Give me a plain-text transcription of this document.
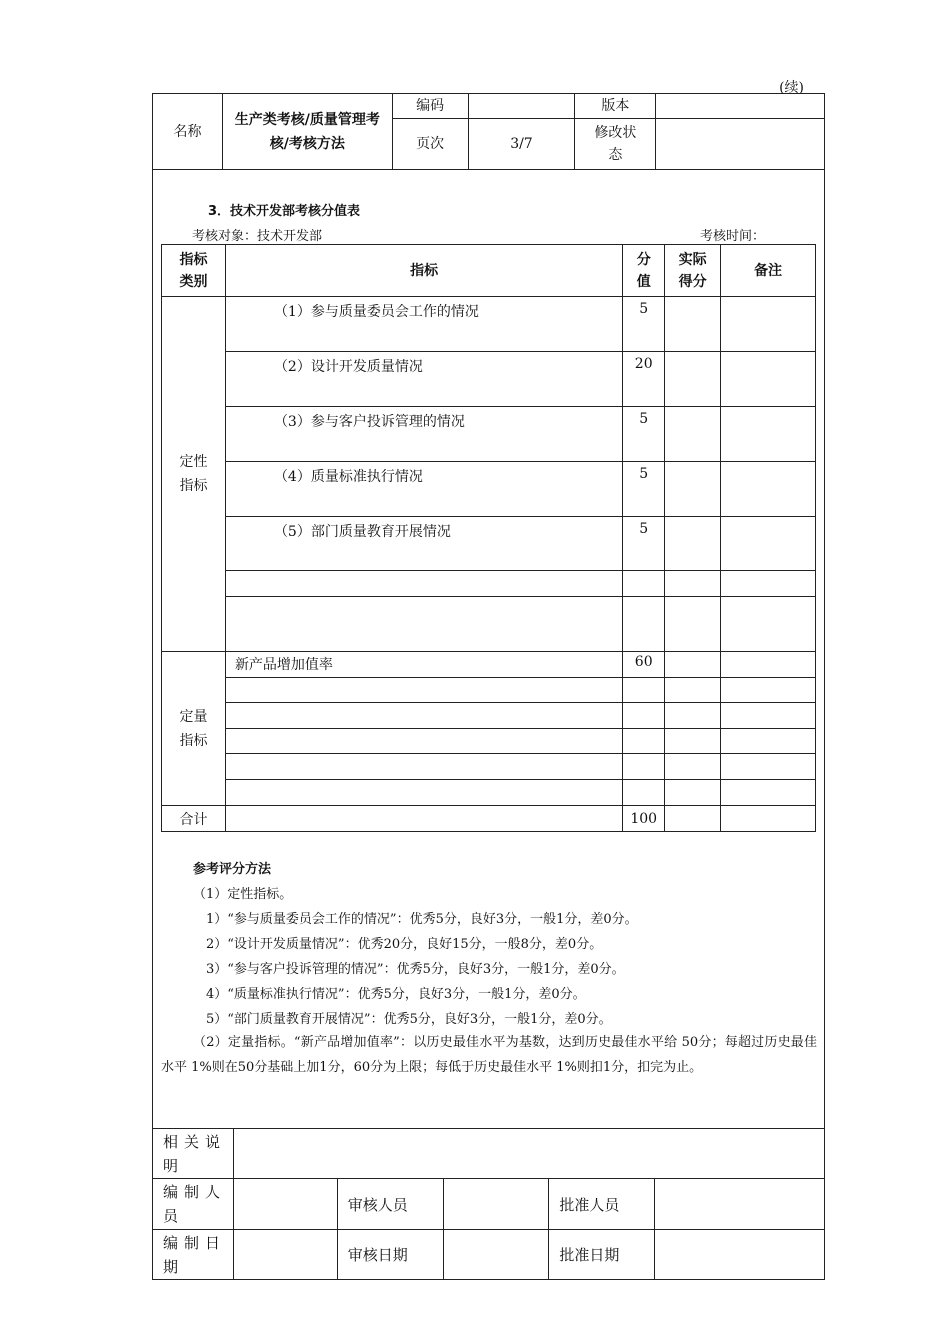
(续)
名称	生产类考核/质量管理考核/考核方法	编码		版本	
		页次	3/7	修改状态	
3．技术开发部考核分值表
考核对象：技术开发部	考核时间：
指标类别	指标	分值	实际得分	备注
定性指标	（1）参与质量委员会工作的情况	5		
	（2）设计开发质量情况	20		
	（3）参与客户投诉管理的情况	5		
	（4）质量标准执行情况	5		
	（5）部门质量教育开展情况	5		

定量指标	新产品增加值率	60		

合计		100		
参考评分方法
（1）定性指标。
1）“参与质量委员会工作的情况”：优秀5分，良好3分，一般1分，差0分。
2）“设计开发质量情况”：优秀20分，良好15分，一般8分，差0分。
3）“参与客户投诉管理的情况”：优秀5分，良好3分，一般1分，差0分。
4）“质量标准执行情况”：优秀5分，良好3分，一般1分，差0分。
5）“部门质量教育开展情况”：优秀5分，良好3分，一般1分，差0分。
（2）定量指标。“新产品增加值率”：以历史最佳水平为基数，达到历史最佳水平给 50分；每超过历史最佳水平 1%则在50分基础上加1分，60分为上限；每低于历史最佳水平 1%则扣1分，扣完为止。
相关说明					
编制人员		审核人员		批准人员	
编制日期		审核日期		批准日期	
